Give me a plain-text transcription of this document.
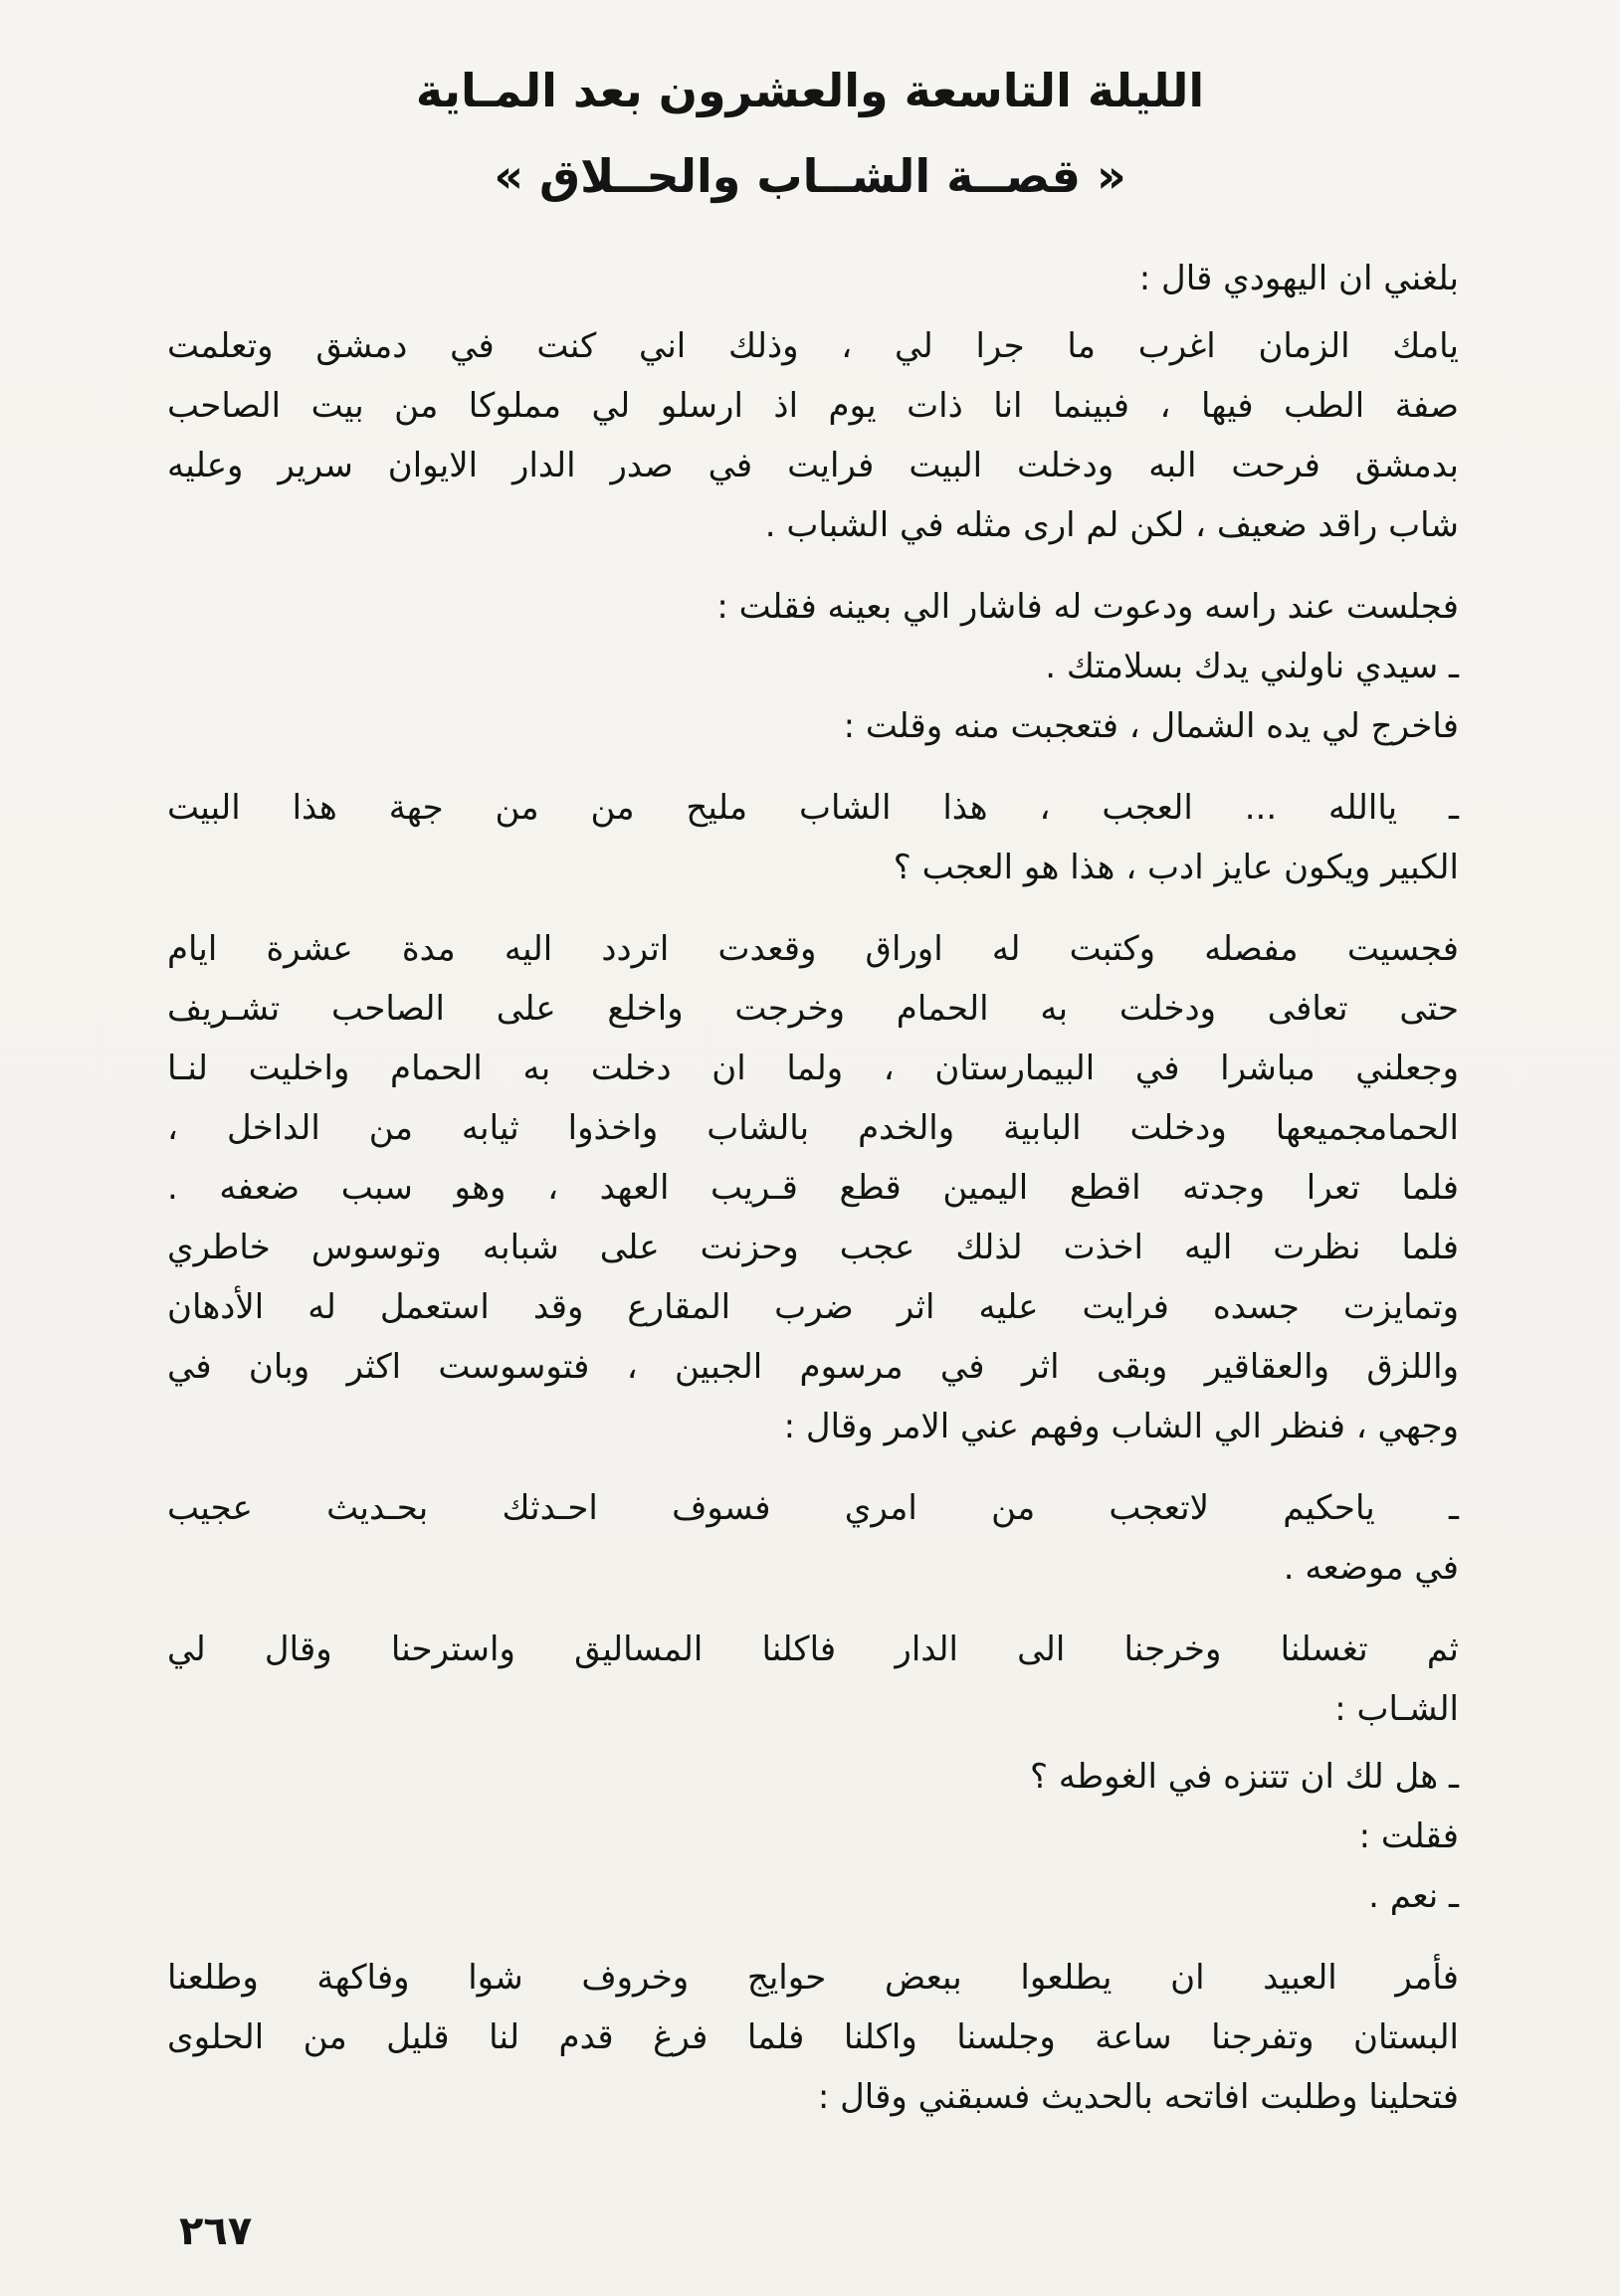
الليلة التاسعة والعشرون بعد المـاية

« قصــة الشــاب والحــلاق »

بلغني ان اليهودي قال :
يامك الزمان اغرب ما جرا لي ، وذلك اني كنت في دمشق وتعلمت
صفة الطب فيها ، فبينما انا ذات يوم اذ ارسلو لي مملوكا من بيت الصاحب
بدمشق فرحت البه ودخلت البيت فرايت في صدر الدار الايوان سرير وعليه
شاب راقد ضعيف ، لكن لم ارى مثله في الشباب .
فجلست عند راسه ودعوت له فاشار الي بعينه فقلت :
ـ سيدي ناولني يدك بسلامتك .
فاخرج لي يده الشمال ، فتعجبت منه وقلت :
ـ ياالله ... العجب ، هذا الشاب مليح من من جهة هذا البيت
الكبير ويكون عايز ادب ، هذا هو العجب ؟
فجسيت مفصله وكتبت له اوراق وقعدت اتردد اليه مدة عشرة ايام
حتى تعافى ودخلت به الحمام وخرجت واخلع على الصاحب تشـريف
وجعلني مباشرا في البيمارستان ، ولما ان دخلت به الحمام واخليت لنـا
الحمامجميعها ودخلت البابية والخدم بالشاب واخذوا ثيابه من الداخل ،
فلما تعرا وجدته اقطع اليمين قطع قـريب العهد ، وهو سبب ضعفه .
فلما نظرت اليه اخذت لذلك عجب وحزنت على شبابه وتوسوس خاطري
وتمايزت جسده فرايت عليه اثر ضرب المقارع وقد استعمل له الأدهان
واللزق والعقاقير وبقى اثر في مرسوم الجبين ، فتوسوست اكثر وبان في
وجهي ، فنظر الي الشاب وفهم عني الامر وقال :
ـ ياحكيم لاتعجب من امري فسوف احـدثك بحـديث عجيب
في موضعه .
ثم تغسلنا وخرجنا الى الدار فاكلنا المساليق واسترحنا وقال لي
الشـاب :
ـ هل لك ان تتنزه في الغوطه ؟
فقلت :
ـ نعم .
فأمر العبيد ان يطلعوا ببعض حوايج وخروف شوا وفاكهة وطلعنا
البستان وتفرجنا ساعة وجلسنا واكلنا فلما فرغ قدم لنا قليل من الحلوى
فتحلينا وطلبت افاتحه بالحديث فسبقني وقال :
٢٦٧
